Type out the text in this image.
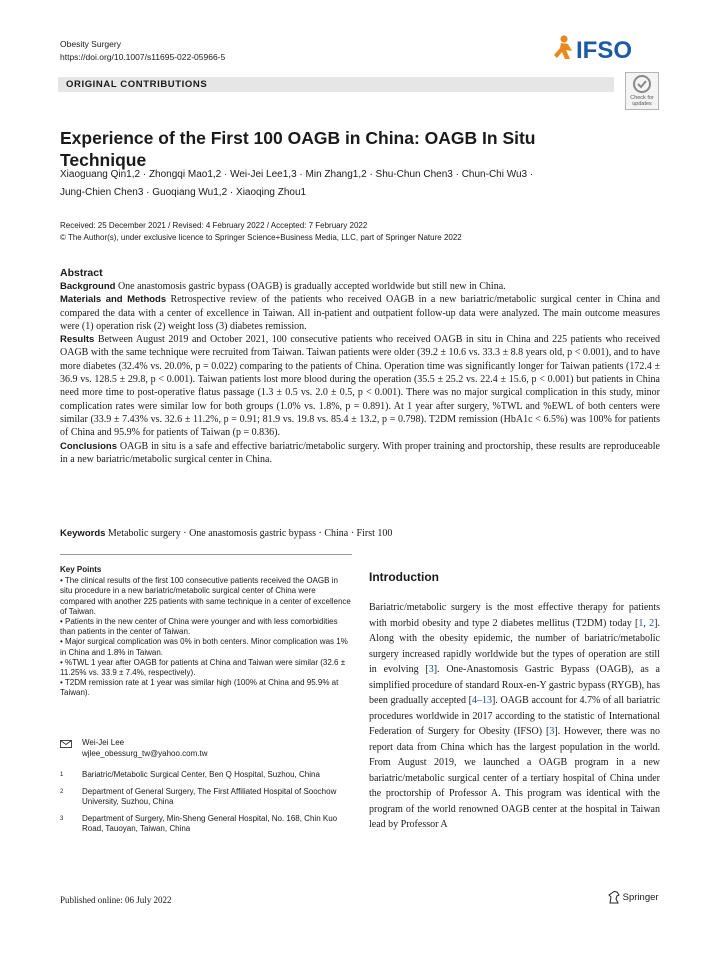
Obesity Surgery
https://doi.org/10.1007/s11695-022-05966-5	IFSO
ORIGINAL CONTRIBUTIONS
Check for
updates
Experience of the First 100 OAGB in China: OAGB In Situ Technique
Xiaoguang Qin1,2 · Zhongqi Mao1,2 · Wei-Jei Lee1,3 · Min Zhang1,2 · Shu-Chun Chen3 · Chun-Chi Wu3 ·
Jung-Chien Chen3 · Guoqiang Wu1,2 · Xiaoqing Zhou1
Received: 25 December 2021 / Revised: 4 February 2022 / Accepted: 7 February 2022
© The Author(s), under exclusive licence to Springer Science+Business Media, LLC, part of Springer Nature 2022
Abstract

Background One anastomosis gastric bypass (OAGB) is gradually accepted worldwide but still new in China.

Materials and Methods Retrospective review of the patients who received OAGB in a new bariatric/metabolic surgical center in China and compared the data with a center of excellence in Taiwan. All in-patient and outpatient follow-up data were analyzed. The main outcome measures were (1) operation risk (2) weight loss (3) diabetes remission.

Results Between August 2019 and October 2021, 100 consecutive patients who received OAGB in situ in China and 225 patients who received OAGB with the same technique were recruited from Taiwan. Taiwan patients were older (39.2 ± 10.6 vs. 33.3 ± 8.8 years old, p < 0.001), and to have more diabetes (32.4% vs. 20.0%, p = 0.022) comparing to the patients of China. Operation time was significantly longer for Taiwan patients (172.4 ± 36.9 vs. 128.5 ± 29.8, p < 0.001). Taiwan patients lost more blood during the operation (35.5 ± 25.2 vs. 22.4 ± 15.6, p < 0.001) but patients in China need more time to post-operative flatus passage (1.3 ± 0.5 vs. 2.0 ± 0.5, p < 0.001). There was no major surgical complication in this study, minor complication rates were similar low for both groups (1.0% vs. 1.8%, p = 0.891). At 1 year after surgery, %TWL and %EWL of both centers were similar (33.9 ± 7.43% vs. 32.6 ± 11.2%, p = 0.91; 81.9 vs. 19.8 vs. 85.4 ± 13.2, p = 0.798). T2DM remission (HbA1c < 6.5%) was 100% for patients of China and 95.9% for patients of Taiwan (p = 0.836).

Conclusions OAGB in situ is a safe and effective bariatric/metabolic surgery. With proper training and proctorship, these results are reproduceable in a new bariatric/metabolic surgical center in China.

Keywords Metabolic surgery · One anastomosis gastric bypass · China · First 100
Key Points
• The clinical results of the first 100 consecutive patients received the OAGB in situ procedure in a new bariatric/metabolic surgical center of China were compared with another 225 patients with same technique in a center of excellence of Taiwan.
• Patients in the new center of China were younger and with less comorbidities than patients in the center of Taiwan.
• Major surgical complication was 0% in both centers. Minor complication was 1% in China and 1.8% in Taiwan.
• %TWL 1 year after OAGB for patients at China and Taiwan were similar (32.6 ± 11.25% vs. 33.9 ± 7.4%, respectively).
• T2DM remission rate at 1 year was similar high (100% at China and 95.9% at Taiwan).
Wei-Jei Lee
wjlee_obessurg_tw@yahoo.com.tw
1 Bariatric/Metabolic Surgical Center, Ben Q Hospital, Suzhou, China
2 Department of General Surgery, The First Affiliated Hospital of Soochow University, Suzhou, China
3 Department of Surgery, Min-Sheng General Hospital, No. 168, Chin Kuo Road, Tauoyan, Taiwan, China
Introduction
Bariatric/metabolic surgery is the most effective therapy for patients with morbid obesity and type 2 diabetes mellitus (T2DM) today [1, 2]. Along with the obesity epidemic, the number of bariatric/metabolic surgery increased rapidly worldwide but the types of operation are still in evolving [3]. One-Anastomosis Gastric Bypass (OAGB), as a simplified procedure of standard Roux-en-Y gastric bypass (RYGB), has been gradually accepted [4–13]. OAGB account for 4.7% of all bariatric procedures worldwide in 2017 according to the statistic of International Federation of Surgery for Obesity (IFSO) [3]. However, there was no report data from China which has the largest population in the world. From August 2019, we launched a OAGB program in a new bariatric/metabolic surgical center of a tertiary hospital of China under the proctorship of Professor A. This program was identical with the program of the world renowned OAGB center at the hospital in Taiwan lead by Professor A
Published online: 06 July 2022	Springer
